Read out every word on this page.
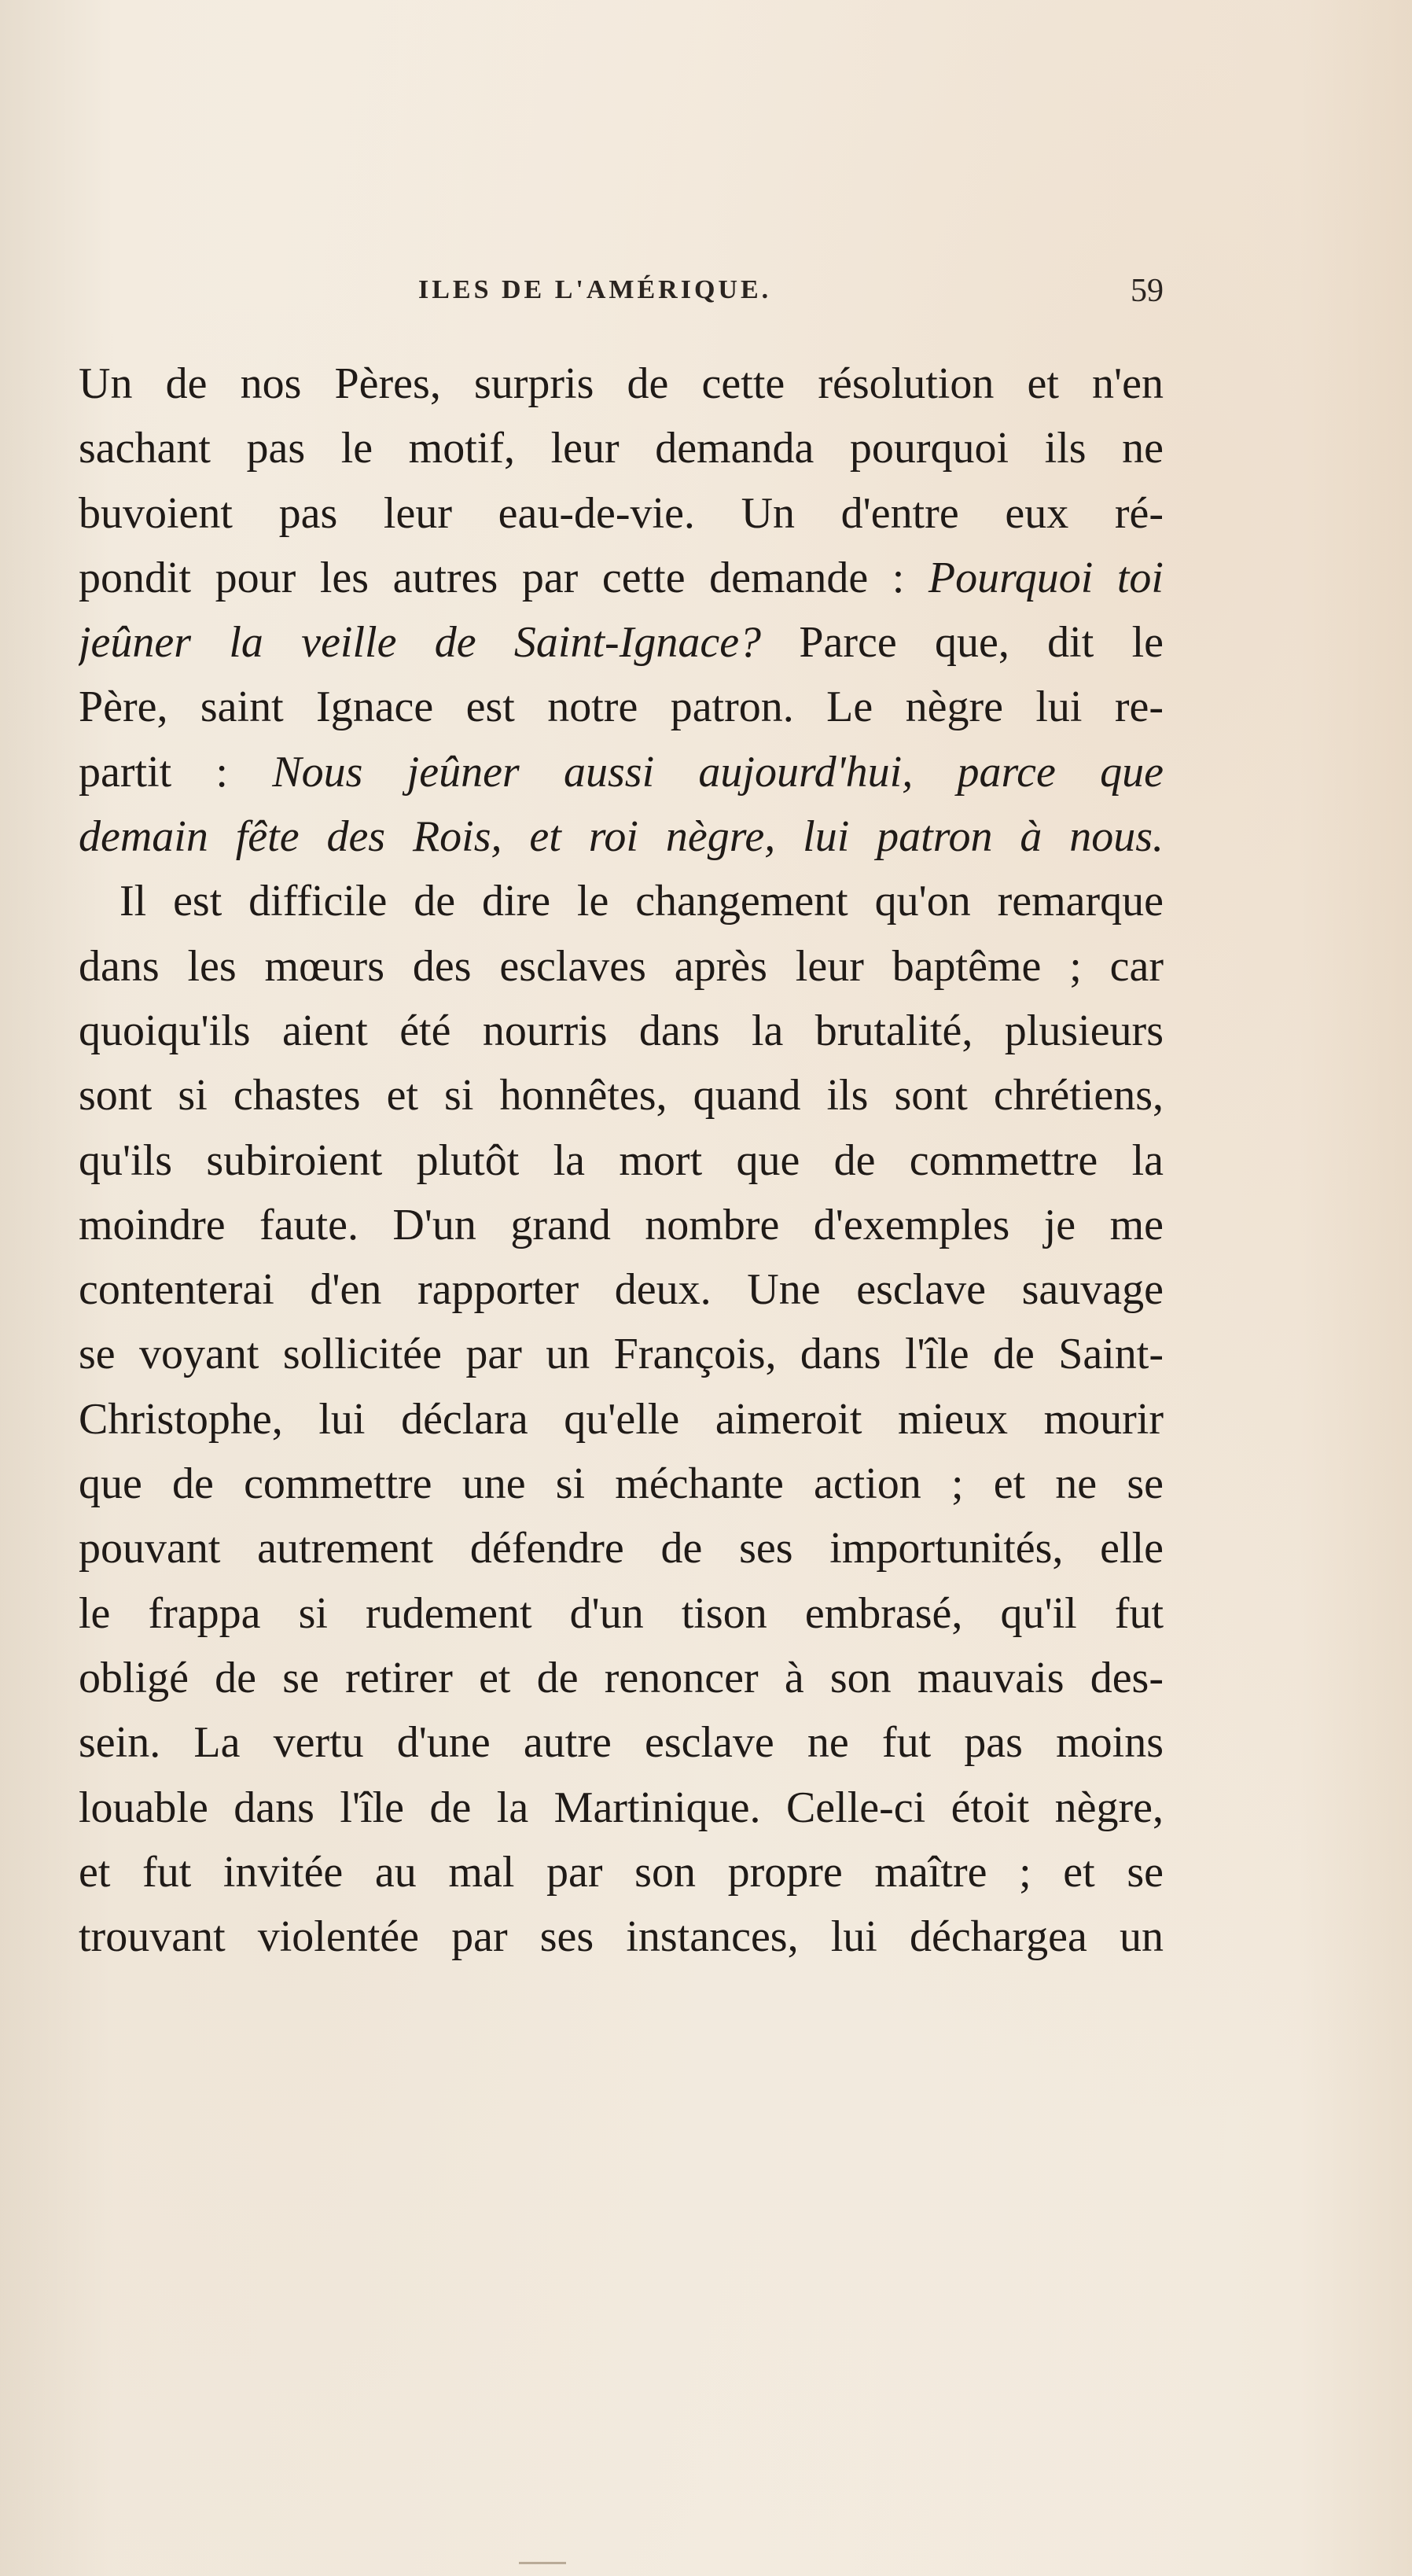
ILES DE L'AMÉRIQUE.	59
Un de nos Pères, surpris de cette résolution et n'en
sachant pas le motif, leur demanda pourquoi ils ne
buvoient pas leur eau-de-vie. Un d'entre eux ré-
pondit pour les autres par cette demande : Pourquoi toi
jeûner la veille de Saint-Ignace? Parce que, dit le
Père, saint Ignace est notre patron. Le nègre lui re-
partit : Nous jeûner aussi aujourd'hui, parce que
demain fête des Rois, et roi nègre, lui patron à nous.
Il est difficile de dire le changement qu'on remarque
dans les mœurs des esclaves après leur baptême ; car
quoiqu'ils aient été nourris dans la brutalité, plusieurs
sont si chastes et si honnêtes, quand ils sont chrétiens,
qu'ils subiroient plutôt la mort que de commettre la
moindre faute. D'un grand nombre d'exemples je me
contenterai d'en rapporter deux. Une esclave sauvage
se voyant sollicitée par un François, dans l'île de Saint-
Christophe, lui déclara qu'elle aimeroit mieux mourir
que de commettre une si méchante action ; et ne se
pouvant autrement défendre de ses importunités, elle
le frappa si rudement d'un tison embrasé, qu'il fut
obligé de se retirer et de renoncer à son mauvais des-
sein. La vertu d'une autre esclave ne fut pas moins
louable dans l'île de la Martinique. Celle-ci étoit nègre,
et fut invitée au mal par son propre maître ; et se
trouvant violentée par ses instances, lui déchargea un
